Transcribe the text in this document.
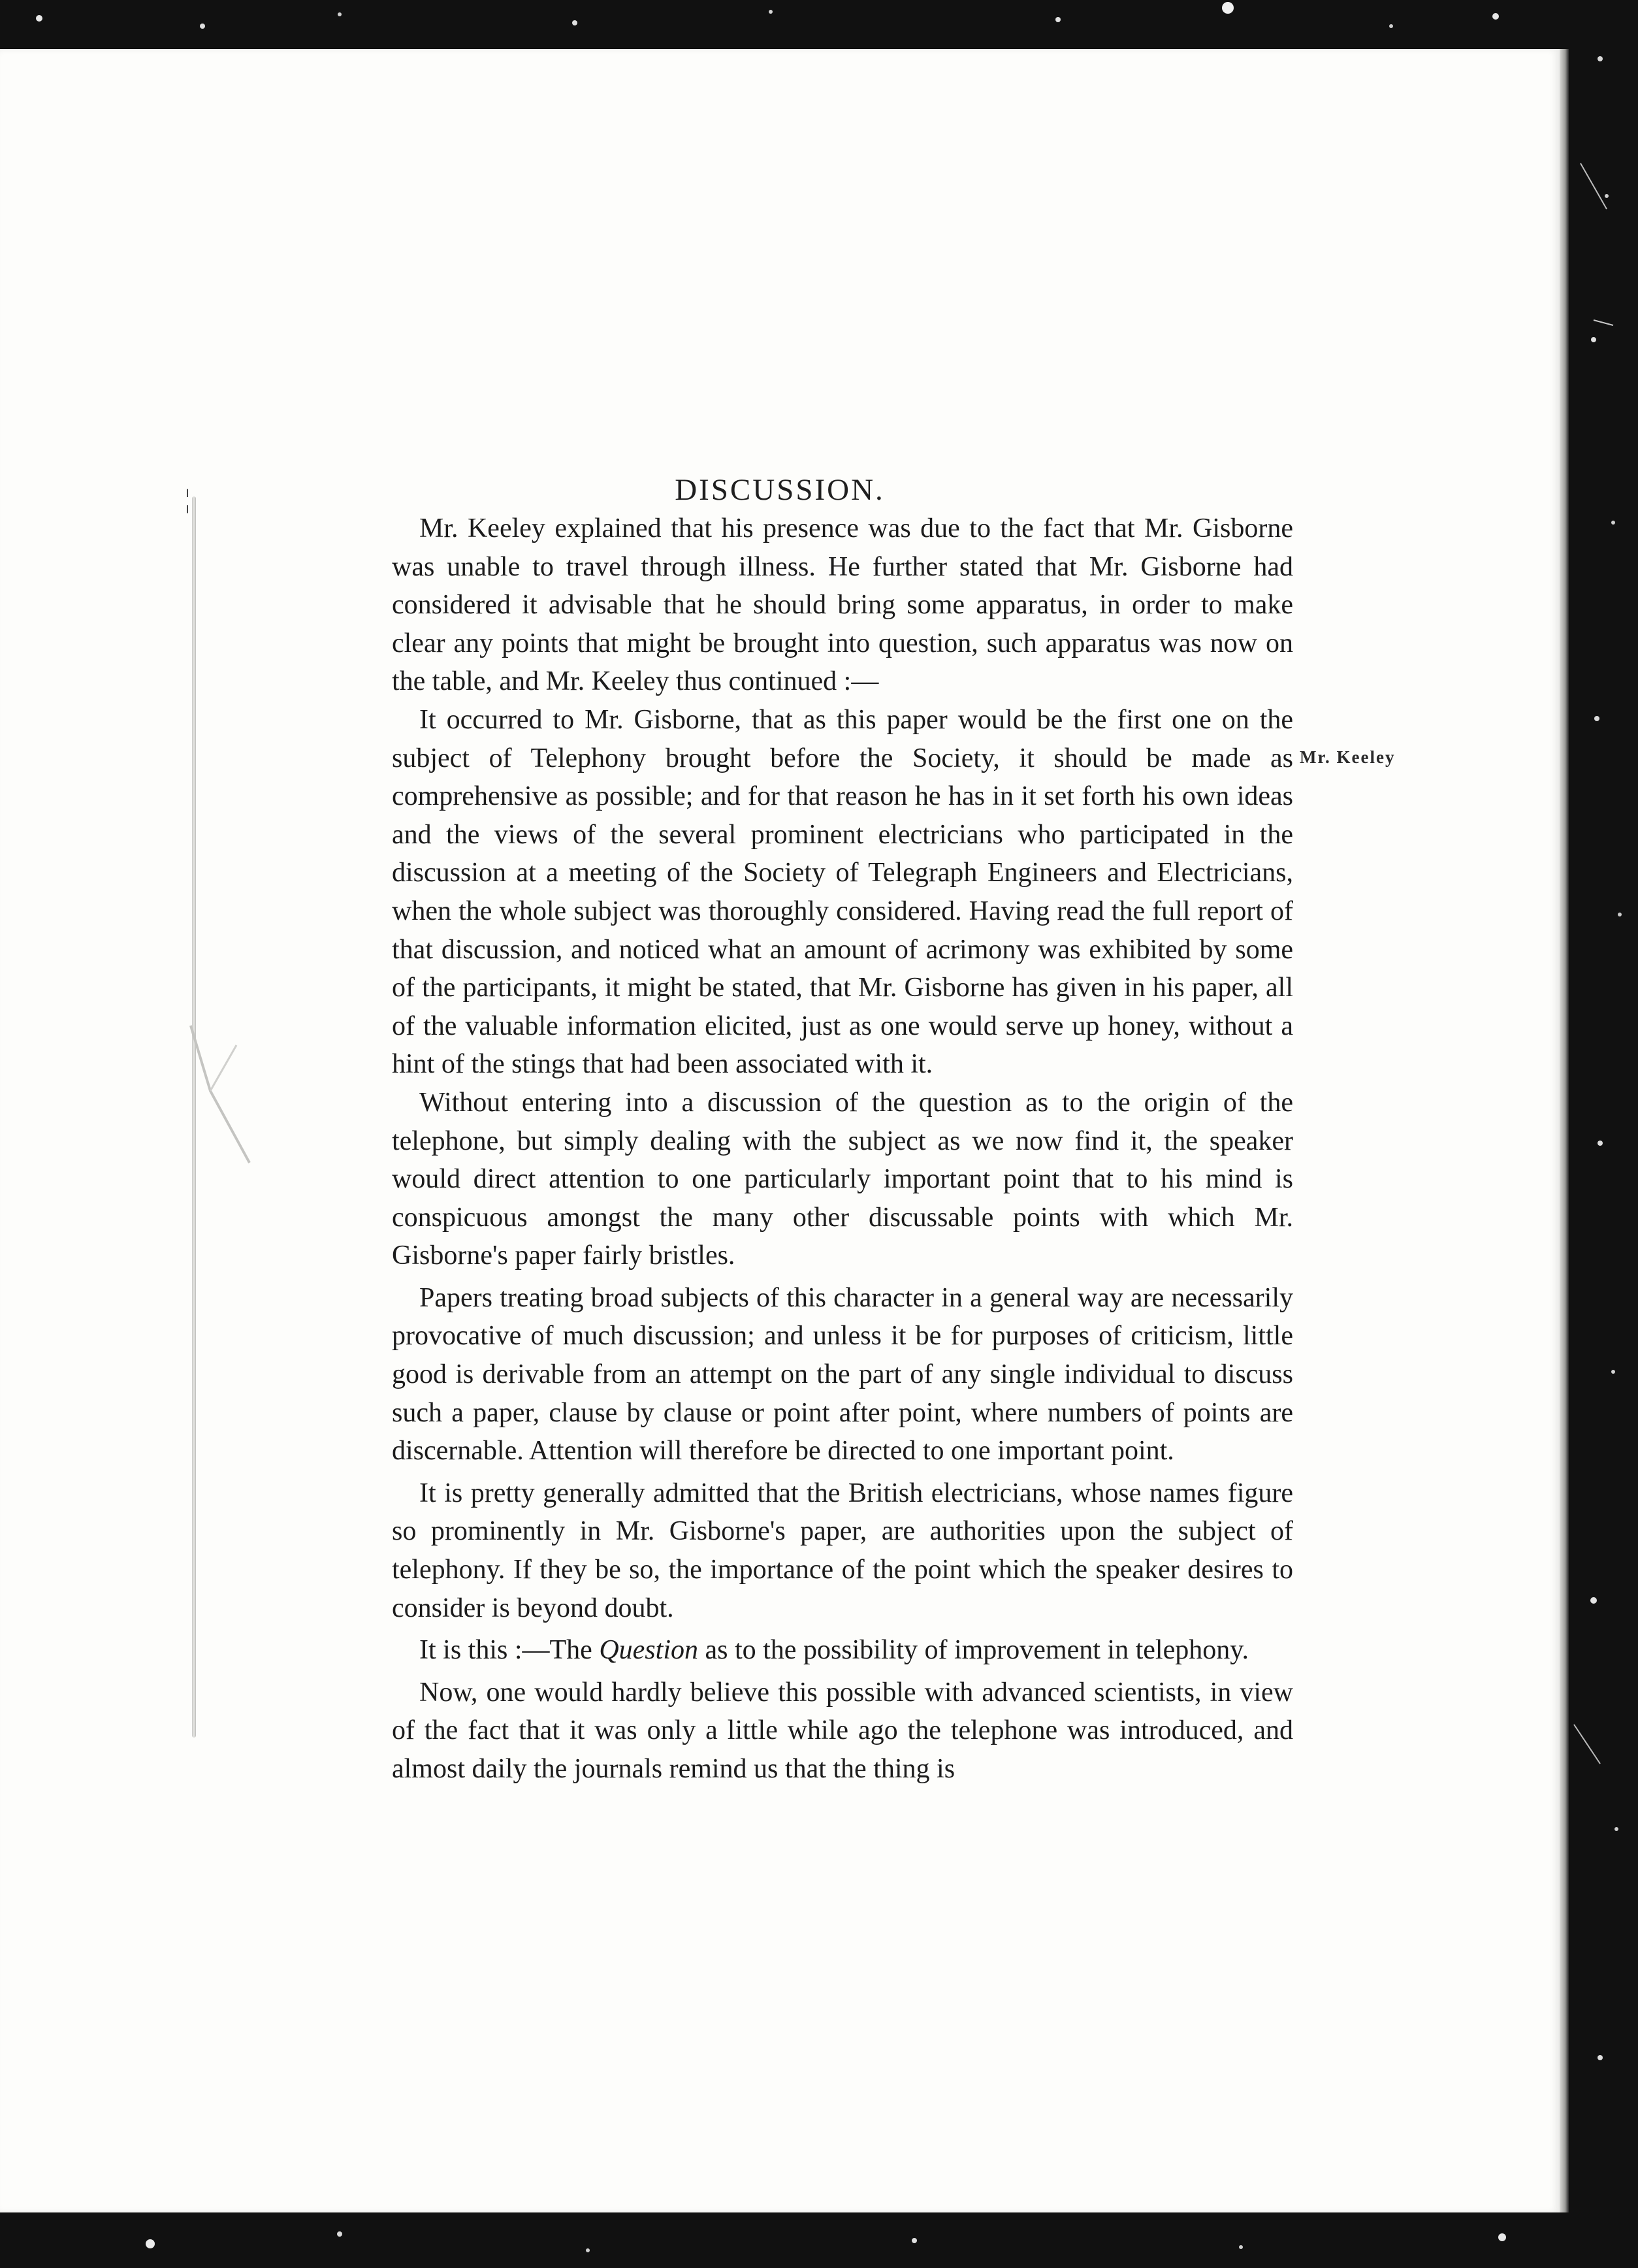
DISCUSSION.
¦
Mr. Keeley

Mr. Keeley explained that his presence was due to the fact that Mr. Gisborne was unable to travel through illness. He further stated that Mr. Gisborne had considered it advisable that he should bring some apparatus, in order to make clear any points that might be brought into question, such apparatus was now on the table, and Mr. Keeley thus continued :—

It occurred to Mr. Gisborne, that as this paper would be the first one on the subject of Telephony brought before the Society, it should be made as comprehensive as possible; and for that reason he has in it set forth his own ideas and the views of the several prominent electricians who participated in the discussion at a meeting of the Society of Telegraph Engineers and Electricians, when the whole subject was thoroughly considered. Having read the full report of that discussion, and noticed what an amount of acrimony was exhibited by some of the participants, it might be stated, that Mr. Gisborne has given in his paper, all of the valuable information elicited, just as one would serve up honey, without a hint of the stings that had been associated with it.

Without entering into a discussion of the question as to the origin of the telephone, but simply dealing with the subject as we now find it, the speaker would direct attention to one particularly important point that to his mind is conspicuous amongst the many other discussable points with which Mr. Gisborne's paper fairly bristles.

Papers treating broad subjects of this character in a general way are necessarily provocative of much discussion; and unless it be for purposes of criticism, little good is derivable from an attempt on the part of any single individual to discuss such a paper, clause by clause or point after point, where numbers of points are discernable. Attention will therefore be directed to one important point.

It is pretty generally admitted that the British electricians, whose names figure so prominently in Mr. Gisborne's paper, are authorities upon the subject of telephony. If they be so, the importance of the point which the speaker desires to consider is beyond doubt.

It is this :—The Question as to the possibility of improvement in telephony.

Now, one would hardly believe this possible with advanced scientists, in view of the fact that it was only a little while ago the telephone was introduced, and almost daily the journals remind us that the thing is
